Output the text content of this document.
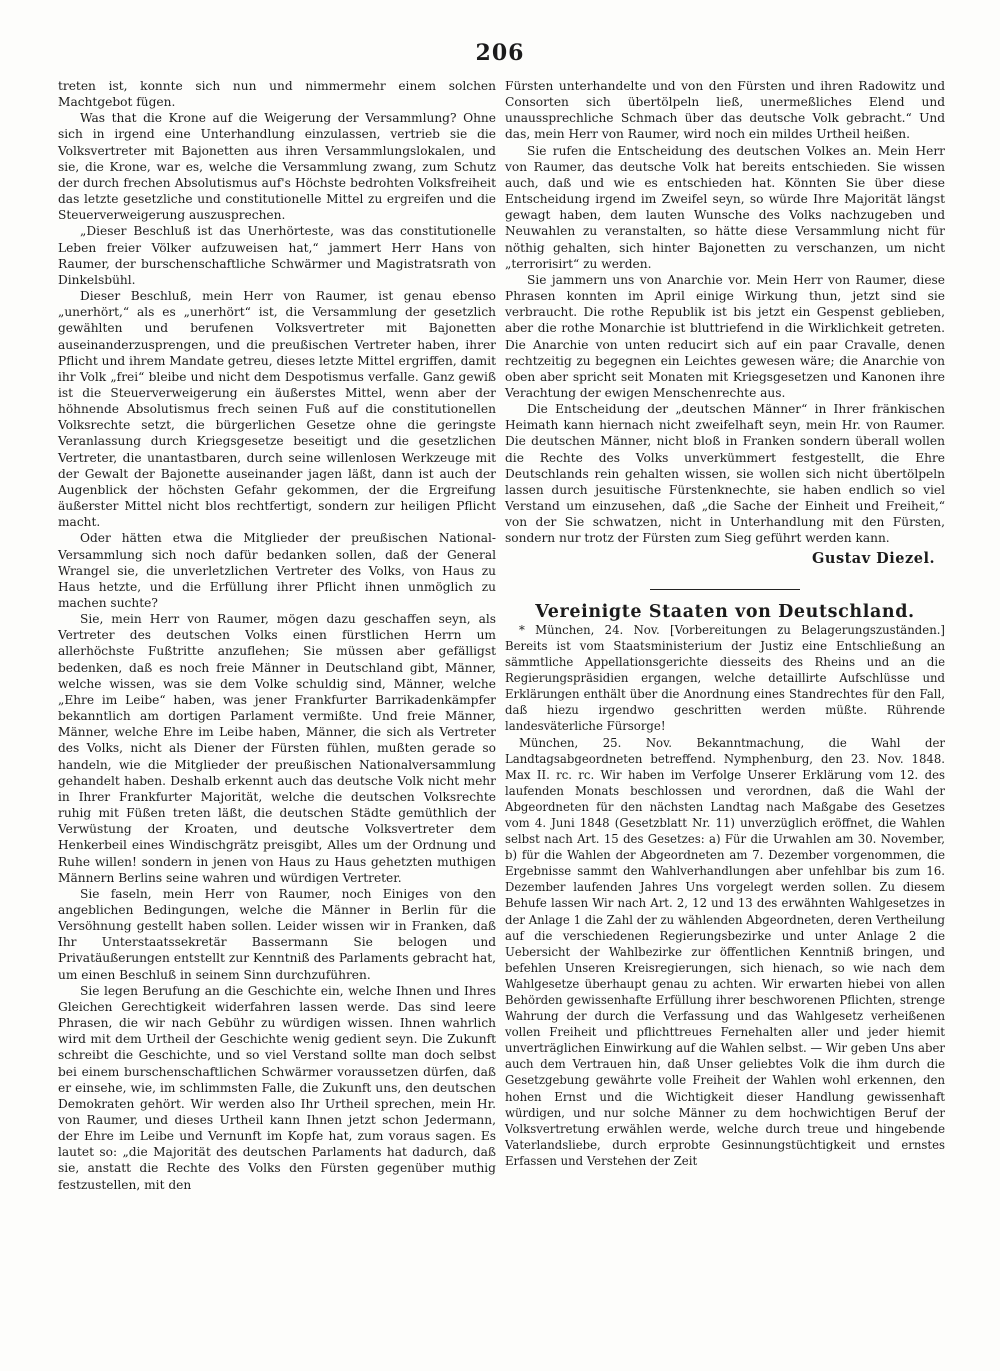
206

treten ist, konnte sich nun und nimmermehr einem solchen Machtgebot fügen.

Was that die Krone auf die Weigerung der Versammlung? Ohne sich in irgend eine Unterhandlung einzulassen, vertrieb sie die Volksvertreter mit Bajonetten aus ihren Versammlungslokalen, und sie, die Krone, war es, welche die Versammlung zwang, zum Schutz der durch frechen Absolutismus auf's Höchste bedrohten Volksfreiheit das letzte gesetzliche und constitutionelle Mittel zu ergreifen und die Steuerverweigerung auszusprechen.

„Dieser Beschluß ist das Unerhörteste, was das constitutionelle Leben freier Völker aufzuweisen hat,“ jammert Herr Hans von Raumer, der burschenschaftliche Schwärmer und Magistratsrath von Dinkelsbühl.

Dieser Beschluß, mein Herr von Raumer, ist genau ebenso „unerhört,“ als es „unerhört“ ist, die Versammlung der gesetzlich gewählten und berufenen Volksvertreter mit Bajonetten auseinanderzusprengen, und die preußischen Vertreter haben, ihrer Pflicht und ihrem Mandate getreu, dieses letzte Mittel ergriffen, damit ihr Volk „frei“ bleibe und nicht dem Despotismus verfalle. Ganz gewiß ist die Steuerverweigerung ein äußerstes Mittel, wenn aber der höhnende Absolutismus frech seinen Fuß auf die constitutionellen Volksrechte setzt, die bürgerlichen Gesetze ohne die geringste Veranlassung durch Kriegsgesetze beseitigt und die gesetzlichen Vertreter, die unantastbaren, durch seine willenlosen Werkzeuge mit der Gewalt der Bajonette auseinander jagen läßt, dann ist auch der Augenblick der höchsten Gefahr gekommen, der die Ergreifung äußerster Mittel nicht blos rechtfertigt, sondern zur heiligen Pflicht macht.

Oder hätten etwa die Mitglieder der preußischen National-Versammlung sich noch dafür bedanken sollen, daß der General Wrangel sie, die unverletzlichen Vertreter des Volks, von Haus zu Haus hetzte, und die Erfüllung ihrer Pflicht ihnen unmöglich zu machen suchte?

Sie, mein Herr von Raumer, mögen dazu geschaffen seyn, als Vertreter des deutschen Volks einen fürstlichen Herrn um allerhöchste Fußtritte anzuflehen; Sie müssen aber gefälligst bedenken, daß es noch freie Männer in Deutschland gibt, Männer, welche wissen, was sie dem Volke schuldig sind, Männer, welche „Ehre im Leibe“ haben, was jener Frankfurter Barrikadenkämpfer bekanntlich am dortigen Parlament vermißte. Und freie Männer, Männer, welche Ehre im Leibe haben, Männer, die sich als Vertreter des Volks, nicht als Diener der Fürsten fühlen, mußten gerade so handeln, wie die Mitglieder der preußischen Nationalversammlung gehandelt haben. Deshalb erkennt auch das deutsche Volk nicht mehr in Ihrer Frankfurter Majorität, welche die deutschen Volksrechte ruhig mit Füßen treten läßt, die deutschen Städte gemüthlich der Verwüstung der Kroaten, und deutsche Volksvertreter dem Henkerbeil eines Windischgrätz preisgibt, Alles um der Ordnung und Ruhe willen! sondern in jenen von Haus zu Haus gehetzten muthigen Männern Berlins seine wahren und würdigen Vertreter.

Sie faseln, mein Herr von Raumer, noch Einiges von den angeblichen Bedingungen, welche die Männer in Berlin für die Versöhnung gestellt haben sollen. Leider wissen wir in Franken, daß Ihr Unterstaatssekretär Bassermann Sie belogen und Privatäußerungen entstellt zur Kenntniß des Parlaments gebracht hat, um einen Beschluß in seinem Sinn durchzuführen.

Sie legen Berufung an die Geschichte ein, welche Ihnen und Ihres Gleichen Gerechtigkeit widerfahren lassen werde. Das sind leere Phrasen, die wir nach Gebühr zu würdigen wissen. Ihnen wahrlich wird mit dem Urtheil der Geschichte wenig gedient seyn. Die Zukunft schreibt die Geschichte, und so viel Verstand sollte man doch selbst bei einem burschenschaftlichen Schwärmer voraussetzen dürfen, daß er einsehe, wie, im schlimmsten Falle, die Zukunft uns, den deutschen Demokraten gehört. Wir werden also Ihr Urtheil sprechen, mein Hr. von Raumer, und dieses Urtheil kann Ihnen jetzt schon Jedermann, der Ehre im Leibe und Vernunft im Kopfe hat, zum voraus sagen. Es lautet so: „die Majorität des deutschen Parlaments hat dadurch, daß sie, anstatt die Rechte des Volks den Fürsten gegenüber muthig festzustellen, mit den

Fürsten unterhandelte und von den Fürsten und ihren Radowitz und Consorten sich übertölpeln ließ, unermeßliches Elend und unaussprechliche Schmach über das deutsche Volk gebracht.“ Und das, mein Herr von Raumer, wird noch ein mildes Urtheil heißen.

Sie rufen die Entscheidung des deutschen Volkes an. Mein Herr von Raumer, das deutsche Volk hat bereits entschieden. Sie wissen auch, daß und wie es entschieden hat. Könnten Sie über diese Entscheidung irgend im Zweifel seyn, so würde Ihre Majorität längst gewagt haben, dem lauten Wunsche des Volks nachzugeben und Neuwahlen zu veranstalten, so hätte diese Versammlung nicht für nöthig gehalten, sich hinter Bajonetten zu verschanzen, um nicht „terrorisirt“ zu werden.

Sie jammern uns von Anarchie vor. Mein Herr von Raumer, diese Phrasen konnten im April einige Wirkung thun, jetzt sind sie verbraucht. Die rothe Republik ist bis jetzt ein Gespenst geblieben, aber die rothe Monarchie ist bluttriefend in die Wirklichkeit getreten. Die Anarchie von unten reducirt sich auf ein paar Cravalle, denen rechtzeitig zu begegnen ein Leichtes gewesen wäre; die Anarchie von oben aber spricht seit Monaten mit Kriegsgesetzen und Kanonen ihre Verachtung der ewigen Menschenrechte aus.

Die Entscheidung der „deutschen Männer“ in Ihrer fränkischen Heimath kann hiernach nicht zweifelhaft seyn, mein Hr. von Raumer. Die deutschen Männer, nicht bloß in Franken sondern überall wollen die Rechte des Volks unverkümmert festgestellt, die Ehre Deutschlands rein gehalten wissen, sie wollen sich nicht übertölpeln lassen durch jesuitische Fürstenknechte, sie haben endlich so viel Verstand um einzusehen, daß „die Sache der Einheit und Freiheit,“ von der Sie schwatzen, nicht in Unterhandlung mit den Fürsten, sondern nur trotz der Fürsten zum Sieg geführt werden kann.

Gustav Diezel.
Vereinigte Staaten von Deutschland.

* München, 24. Nov. [Vorbereitungen zu Belagerungszuständen.] Bereits ist vom Staatsministerium der Justiz eine Entschließung an sämmtliche Appellationsgerichte diesseits des Rheins und an die Regierungspräsidien ergangen, welche detaillirte Aufschlüsse und Erklärungen enthält über die Anordnung eines Standrechtes für den Fall, daß hiezu irgendwo geschritten werden müßte. Rührende landesväterliche Fürsorge!

München, 25. Nov. Bekanntmachung, die Wahl der Landtagsabgeordneten betreffend. Nymphenburg, den 23. Nov. 1848. Max II. rc. rc. Wir haben im Verfolge Unserer Erklärung vom 12. des laufenden Monats beschlossen und verordnen, daß die Wahl der Abgeordneten für den nächsten Landtag nach Maßgabe des Gesetzes vom 4. Juni 1848 (Gesetzblatt Nr. 11) unverzüglich eröffnet, die Wahlen selbst nach Art. 15 des Gesetzes: a) Für die Urwahlen am 30. November, b) für die Wahlen der Abgeordneten am 7. Dezember vorgenommen, die Ergebnisse sammt den Wahlverhandlungen aber unfehlbar bis zum 16. Dezember laufenden Jahres Uns vorgelegt werden sollen. Zu diesem Behufe lassen Wir nach Art. 2, 12 und 13 des erwähnten Wahlgesetzes in der Anlage 1 die Zahl der zu wählenden Abgeordneten, deren Vertheilung auf die verschiedenen Regierungsbezirke und unter Anlage 2 die Uebersicht der Wahlbezirke zur öffentlichen Kenntniß bringen, und befehlen Unseren Kreisregierungen, sich hienach, so wie nach dem Wahlgesetze überhaupt genau zu achten. Wir erwarten hiebei von allen Behörden gewissenhafte Erfüllung ihrer beschworenen Pflichten, strenge Wahrung der durch die Verfassung und das Wahlgesetz verheißenen vollen Freiheit und pflichttreues Fernehalten aller und jeder hiemit unverträglichen Einwirkung auf die Wahlen selbst. — Wir geben Uns aber auch dem Vertrauen hin, daß Unser geliebtes Volk die ihm durch die Gesetzgebung gewährte volle Freiheit der Wahlen wohl erkennen, den hohen Ernst und die Wichtigkeit dieser Handlung gewissenhaft würdigen, und nur solche Männer zu dem hochwichtigen Beruf der Volksvertretung erwählen werde, welche durch treue und hingebende Vaterlandsliebe, durch erprobte Gesinnungstüchtigkeit und ernstes Erfassen und Verstehen der Zeit
